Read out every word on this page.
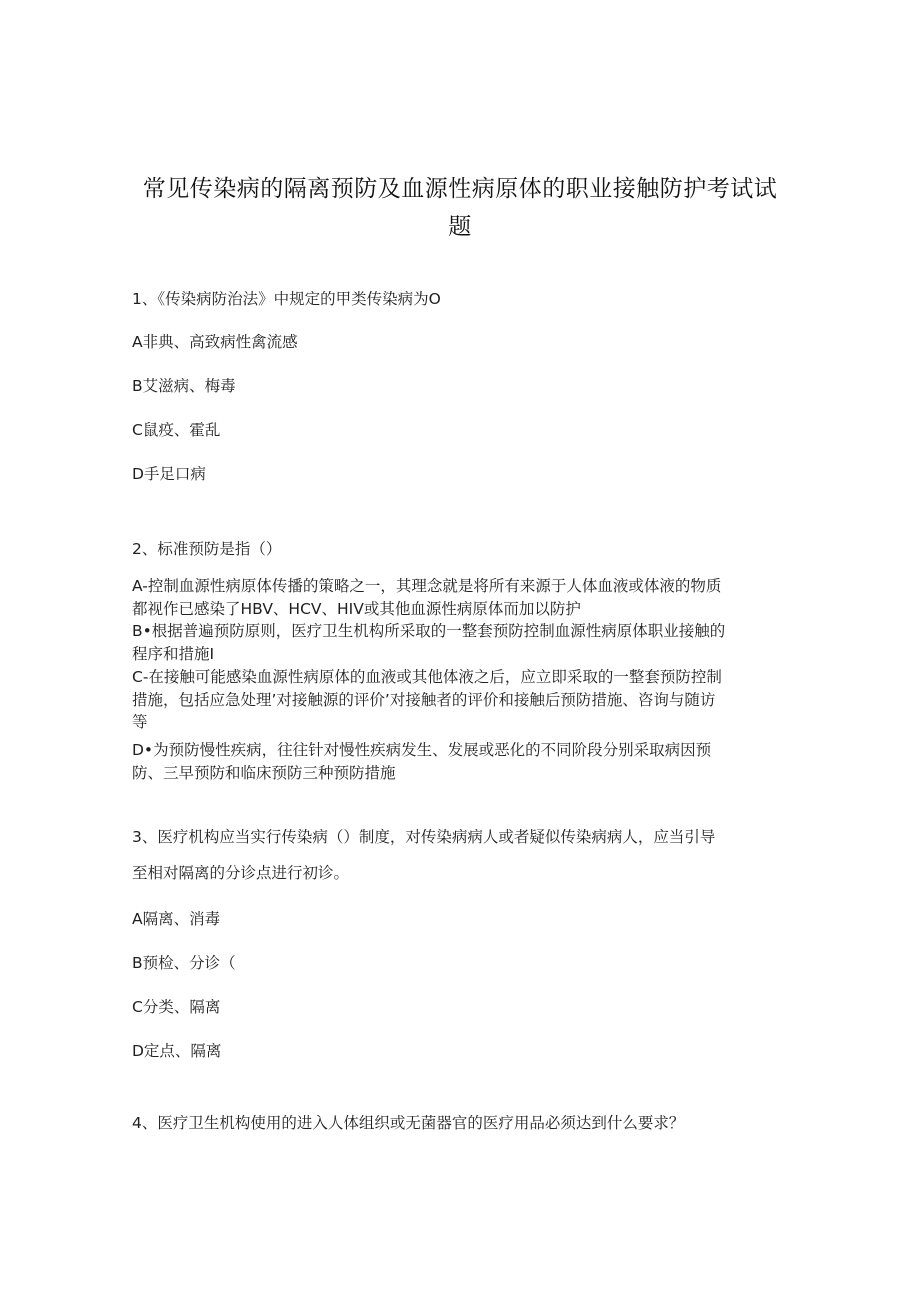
常见传染病的隔离预防及血源性病原体的职业接触防护考试试
题
1、《传染病防治法》中规定的甲类传染病为O
A非典、高致病性禽流感
B艾滋病、梅毒
C鼠疫、霍乱
D手足口病
2、标准预防是指（）
A-控制血源性病原体传播的策略之一，其理念就是将所有来源于人体血液或体液的物质
都视作已感染了HBV、HCV、HIV或其他血源性病原体而加以防护
B•根据普遍预防原则，医疗卫生机构所采取的一整套预防控制血源性病原体职业接触的
程序和措施I
C-在接触可能感染血源性病原体的血液或其他体液之后，应立即采取的一整套预防控制
措施，包括应急处理’对接触源的评价’对接触者的评价和接触后预防措施、咨询与随访
等
D•为预防慢性疾病，往往针对慢性疾病发生、发展或恶化的不同阶段分别采取病因预
防、三早预防和临床预防三种预防措施
3、医疗机构应当实行传染病（）制度，对传染病病人或者疑似传染病病人，应当引导
至相对隔离的分诊点进行初诊。
A隔离、消毒
B预检、分诊（
C分类、隔离
D定点、隔离
4、医疗卫生机构使用的进入人体组织或无菌器官的医疗用品必须达到什么要求？
